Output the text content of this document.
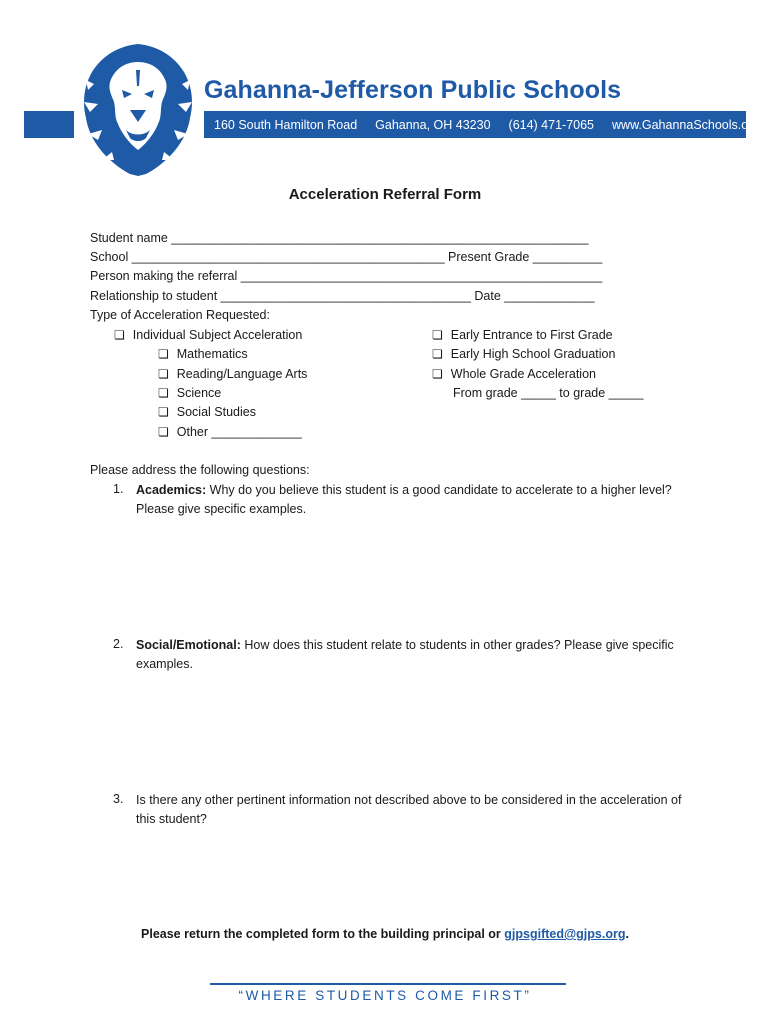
Gahanna-Jefferson Public Schools
160 South Hamilton Road Gahanna, OH 43230 (614) 471-7065 www.GahannaSchools.org
Acceleration Referral Form
Student name ____________________________________________________________
School _____________________________________________ Present Grade __________
Person making the referral ____________________________________________________
Relationship to student ____________________________________ Date _____________
Type of Acceleration Requested:
❏ Individual Subject Acceleration
❏ Mathematics
❏ Reading/Language Arts
❏ Science
❏ Social Studies
❏ Other _____________
❏ Early Entrance to First Grade
❏ Early High School Graduation
❏ Whole Grade Acceleration
From grade _____ to grade _____
Please address the following questions:
1. Academics: Why do you believe this student is a good candidate to accelerate to a higher level? Please give specific examples.
2. Social/Emotional: How does this student relate to students in other grades? Please give specific examples.
3. Is there any other pertinent information not described above to be considered in the acceleration of this student?
Please return the completed form to the building principal or gjpsgifted@gjps.org.
“WHERE STUDENTS COME FIRST”
